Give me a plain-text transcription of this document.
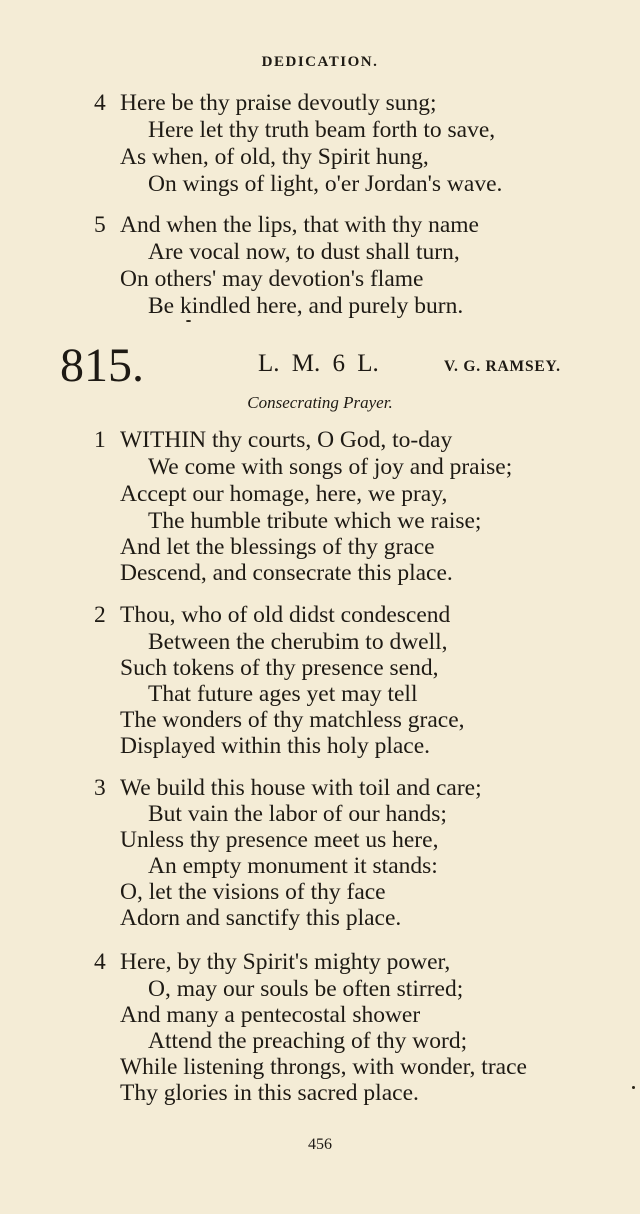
DEDICATION.
4 Here be thy praise devoutly sung;
Here let thy truth beam forth to save,
As when, of old, thy Spirit hung,
On wings of light, o'er Jordan's wave.
5 And when the lips, that with thy name
Are vocal now, to dust shall turn,
On others' may devotion's flame
Be kindled here, and purely burn.
815.	L. M. 6 L.	V. G. RAMSEY.
Consecrating Prayer.
1 WITHIN thy courts, O God, to-day
We come with songs of joy and praise;
Accept our homage, here, we pray,
The humble tribute which we raise;
And let the blessings of thy grace
Descend, and consecrate this place.
2 Thou, who of old didst condescend
Between the cherubim to dwell,
Such tokens of thy presence send,
That future ages yet may tell
The wonders of thy matchless grace,
Displayed within this holy place.
3 We build this house with toil and care;
But vain the labor of our hands;
Unless thy presence meet us here,
An empty monument it stands:
O, let the visions of thy face
Adorn and sanctify this place.
4 Here, by thy Spirit's mighty power,
O, may our souls be often stirred;
And many a pentecostal shower
Attend the preaching of thy word;
While listening throngs, with wonder, trace
Thy glories in this sacred place.
456
